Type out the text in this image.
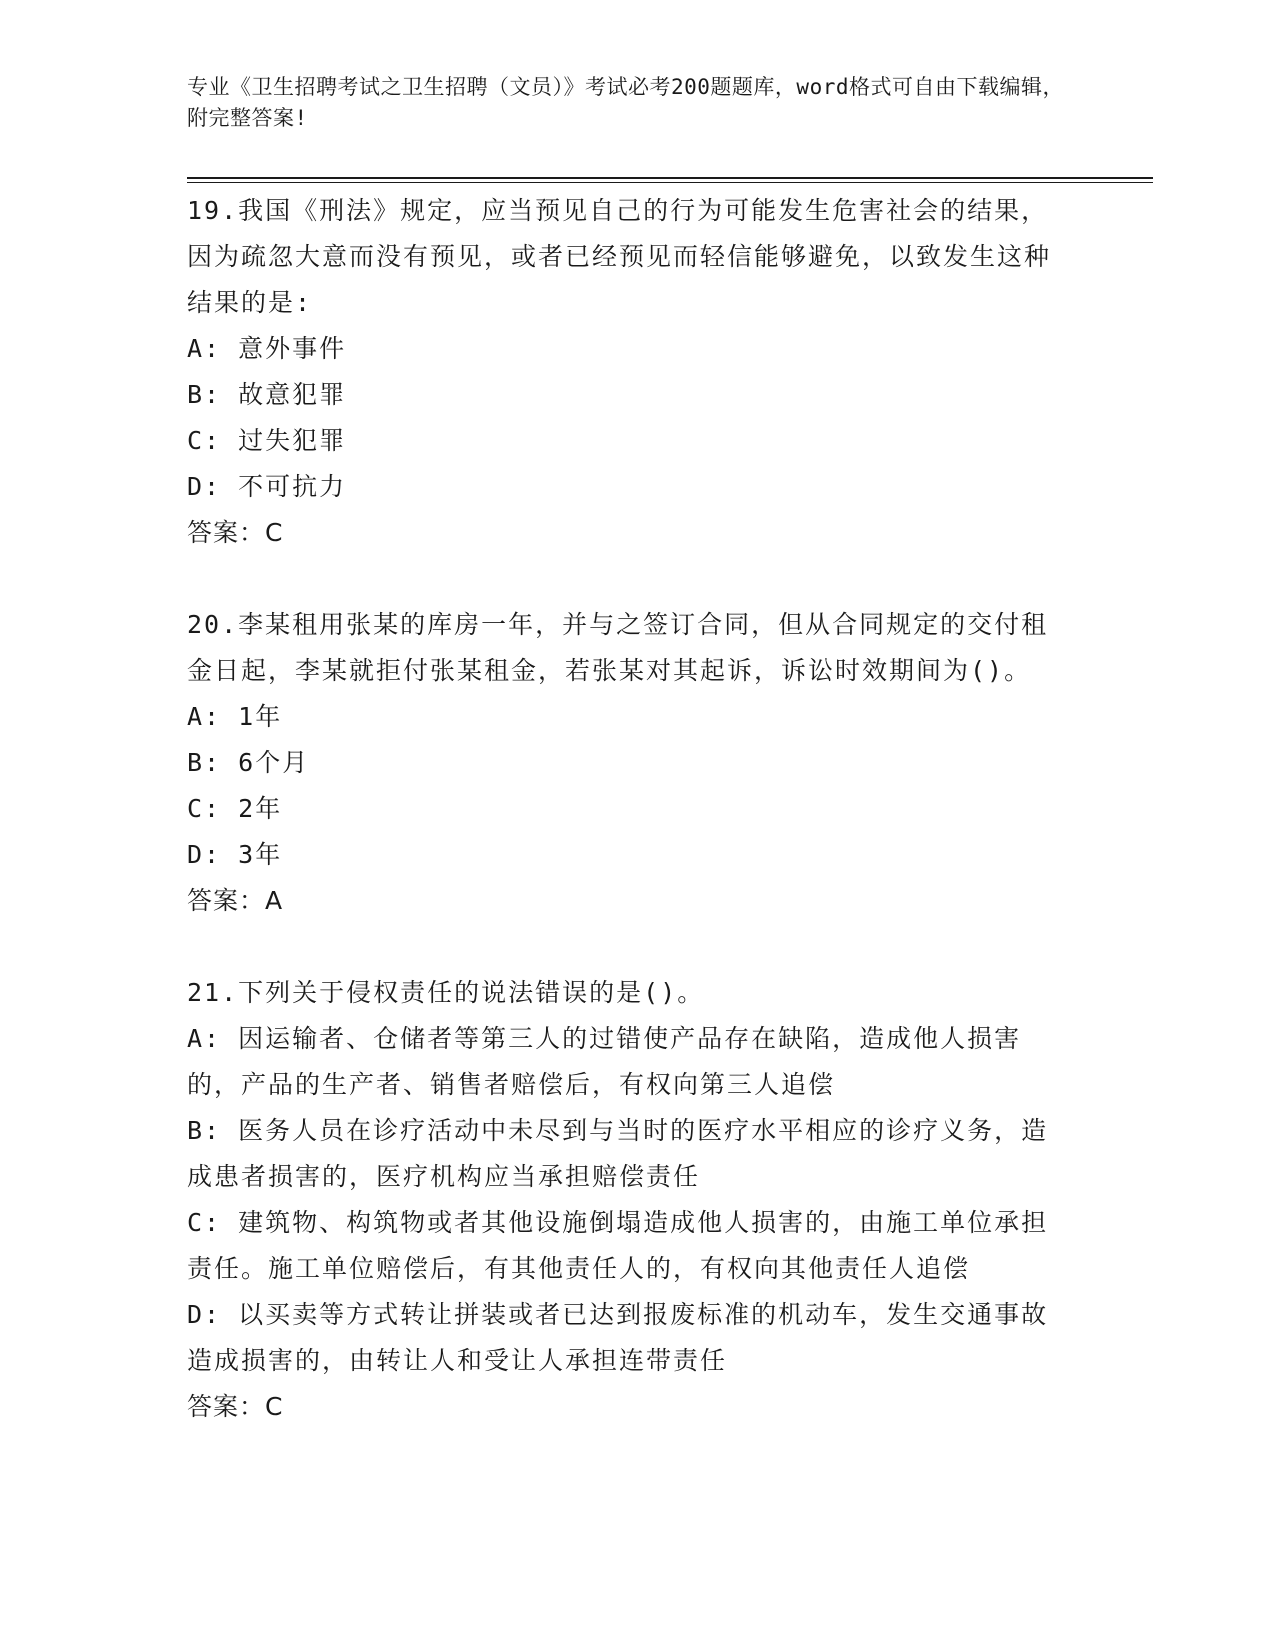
专业《卫生招聘考试之卫生招聘（文员）》考试必考200题题库，word格式可自由下载编辑，附完整答案!
19.我国《刑法》规定，应当预见自己的行为可能发生危害社会的结果，因为疏忽大意而没有预见，或者已经预见而轻信能够避免，以致发生这种结果的是:
A: 意外事件
B: 故意犯罪
C: 过失犯罪
D: 不可抗力
答案：C
20.李某租用张某的库房一年，并与之签订合同，但从合同规定的交付租金日起，李某就拒付张某租金，若张某对其起诉，诉讼时效期间为()。
A: 1年
B: 6个月
C: 2年
D: 3年
答案：A
21.下列关于侵权责任的说法错误的是()。
A: 因运输者、仓储者等第三人的过错使产品存在缺陷，造成他人损害的，产品的生产者、销售者赔偿后，有权向第三人追偿
B: 医务人员在诊疗活动中未尽到与当时的医疗水平相应的诊疗义务，造成患者损害的，医疗机构应当承担赔偿责任
C: 建筑物、构筑物或者其他设施倒塌造成他人损害的，由施工单位承担责任。施工单位赔偿后，有其他责任人的，有权向其他责任人追偿
D: 以买卖等方式转让拼装或者已达到报废标准的机动车，发生交通事故造成损害的，由转让人和受让人承担连带责任
答案：C
